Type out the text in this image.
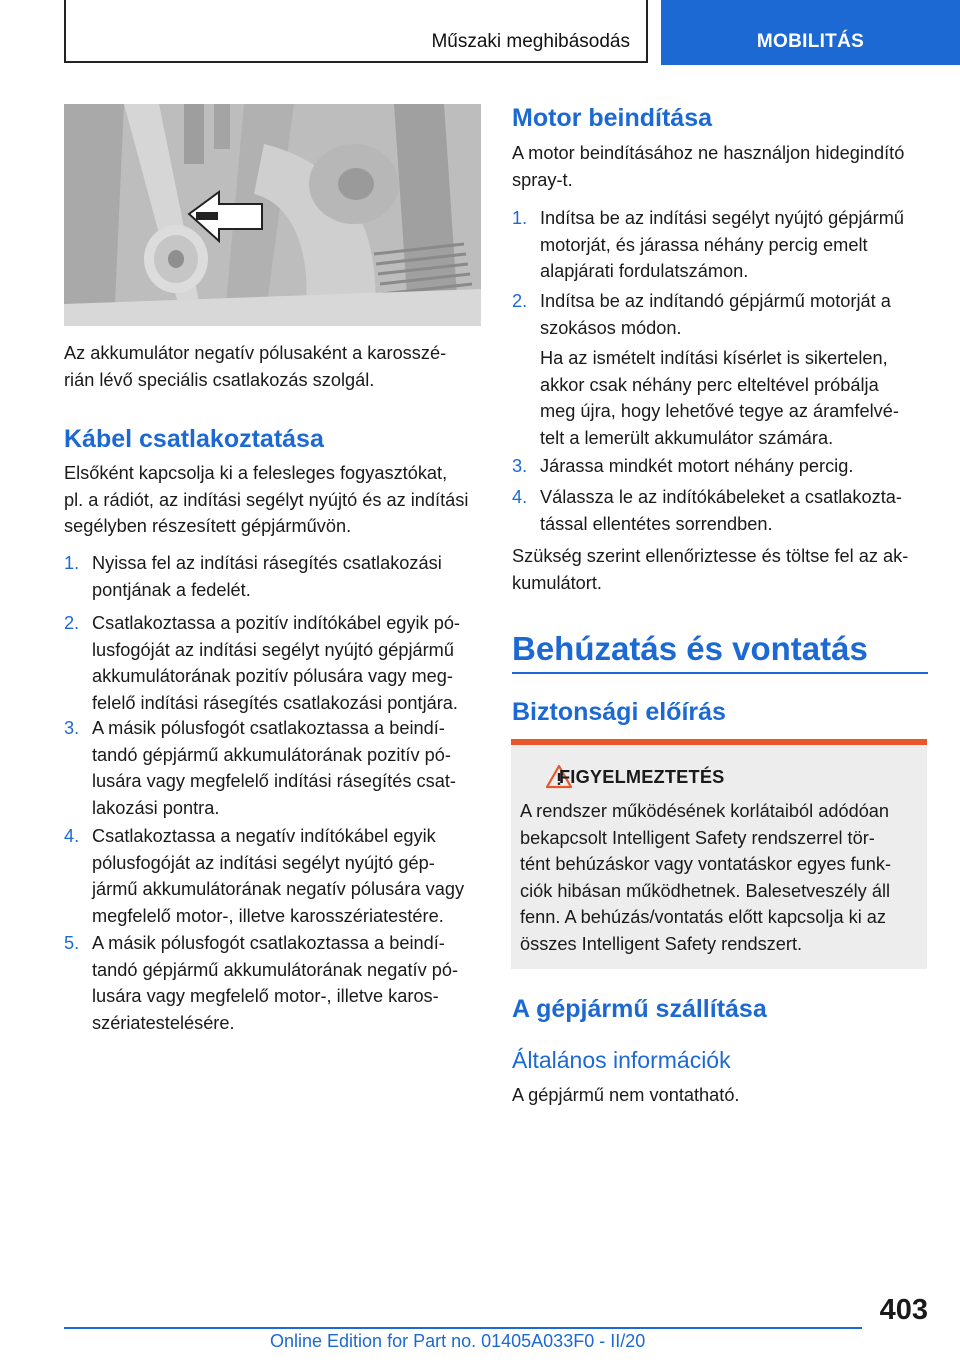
Műszaki meghibásodás	MOBILITÁS
Az akkumulátor negatív pólusaként a karosszé-
rián lévő speciális csatlakozás szolgál.
Kábel csatlakoztatása
Elsőként kapcsolja ki a felesleges fogyasztókat,
pl. a rádiót, az indítási segélyt nyújtó és az indítási
segélyben részesített gépjárművön.
1. Nyissa fel az indítási rásegítés csatlakozási
pontjának a fedelét.
2. Csatlakoztassa a pozitív indítókábel egyik pó-
lusfogóját az indítási segélyt nyújtó gépjármű
akkumulátorának pozitív pólusára vagy meg-
felelő indítási rásegítés csatlakozási pontjára.
3. A másik pólusfogót csatlakoztassa a beindí-
tandó gépjármű akkumulátorának pozitív pó-
lusára vagy megfelelő indítási rásegítés csat-
lakozási pontra.
4. Csatlakoztassa a negatív indítókábel egyik
pólusfogóját az indítási segélyt nyújtó gép-
jármű akkumulátorának negatív pólusára vagy
megfelelő motor-, illetve karosszériatestére.
5. A másik pólusfogót csatlakoztassa a beindí-
tandó gépjármű akkumulátorának negatív pó-
lusára vagy megfelelő motor-, illetve karos-
szériatestelésére.
Motor beindítása
A motor beindításához ne használjon hidegindító
spray-t.
1. Indítsa be az indítási segélyt nyújtó gépjármű
motorját, és járassa néhány percig emelt
alapjárati fordulatszámon.
2. Indítsa be az indítandó gépjármű motorját a
szokásos módon.
Ha az ismételt indítási kísérlet is sikertelen,
akkor csak néhány perc elteltével próbálja
meg újra, hogy lehetővé tegye az áramfelvé-
telt a lemerült akkumulátor számára.
3. Járassa mindkét motort néhány percig.
4. Válassza le az indítókábeleket a csatlakozta-
tással ellentétes sorrendben.
Szükség szerint ellenőriztesse és töltse fel az ak-
kumulátort.
Behúzatás és vontatás
Biztonsági előírás
FIGYELMEZTETÉS
A rendszer működésének korlátaiból adódóan
bekapcsolt Intelligent Safety rendszerrel tör-
tént behúzáskor vagy vontatáskor egyes funk-
ciók hibásan működhetnek. Balesetveszély áll
fenn. A behúzás/vontatás előtt kapcsolja ki az
összes Intelligent Safety rendszert.
A gépjármű szállítása
Általános információk
A gépjármű nem vontatható.
403
Online Edition for Part no. 01405A033F0 - II/20
